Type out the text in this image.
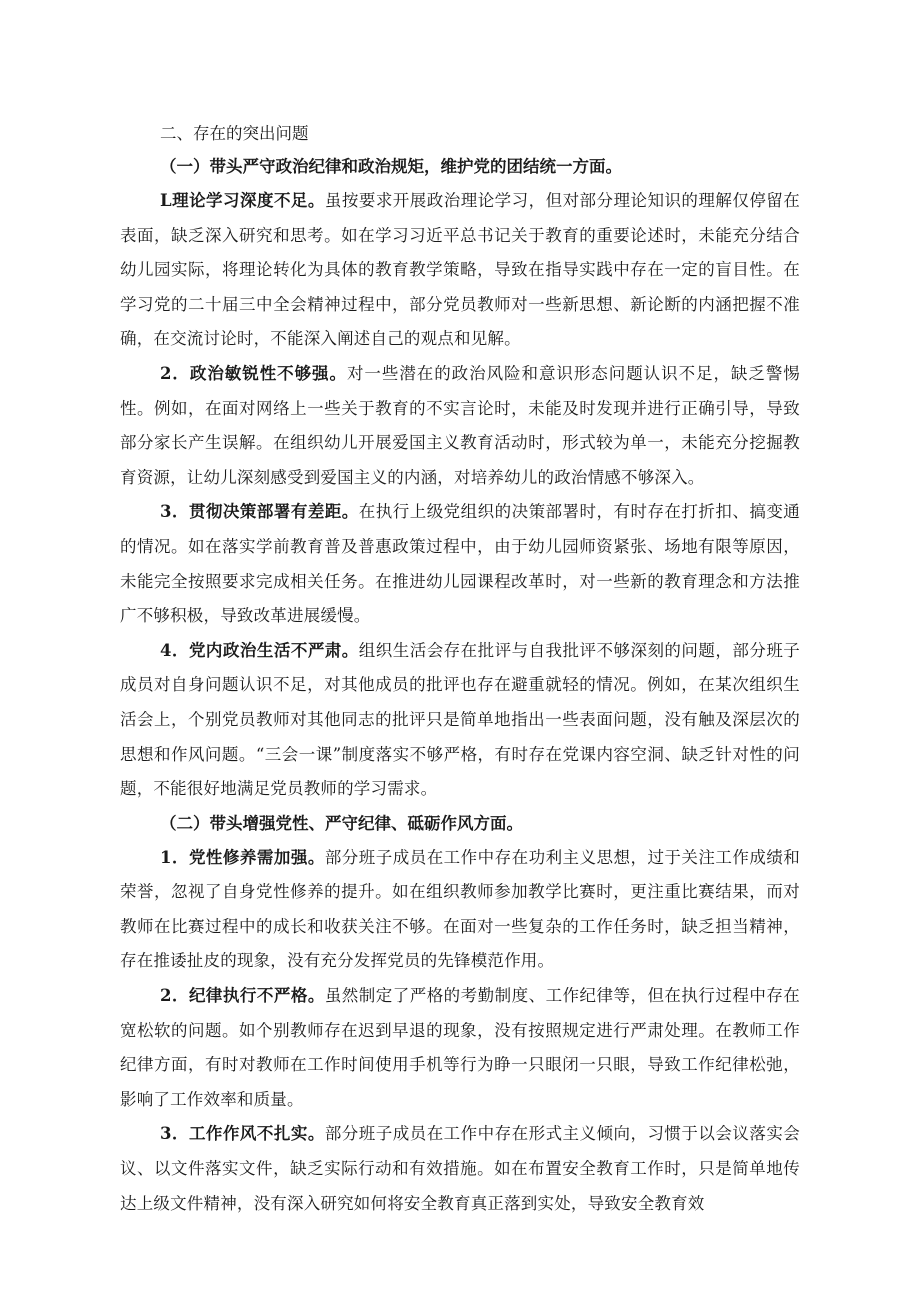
二、存在的突出问题

（一）带头严守政治纪律和政治规矩，维护党的团结统一方面。

L理论学习深度不足。虽按要求开展政治理论学习，但对部分理论知识的理解仅停留在表面，缺乏深入研究和思考。如在学习习近平总书记关于教育的重要论述时，未能充分结合幼儿园实际，将理论转化为具体的教育教学策略，导致在指导实践中存在一定的盲目性。在学习党的二十届三中全会精神过程中，部分党员教师对一些新思想、新论断的内涵把握不准确，在交流讨论时，不能深入阐述自己的观点和见解。

2．政治敏锐性不够强。对一些潜在的政治风险和意识形态问题认识不足，缺乏警惕性。例如，在面对网络上一些关于教育的不实言论时，未能及时发现并进行正确引导，导致部分家长产生误解。在组织幼儿开展爱国主义教育活动时，形式较为单一，未能充分挖掘教育资源，让幼儿深刻感受到爱国主义的内涵，对培养幼儿的政治情感不够深入。

3．贯彻决策部署有差距。在执行上级党组织的决策部署时，有时存在打折扣、搞变通的情况。如在落实学前教育普及普惠政策过程中，由于幼儿园师资紧张、场地有限等原因，未能完全按照要求完成相关任务。在推进幼儿园课程改革时，对一些新的教育理念和方法推广不够积极，导致改革进展缓慢。

4．党内政治生活不严肃。组织生活会存在批评与自我批评不够深刻的问题，部分班子成员对自身问题认识不足，对其他成员的批评也存在避重就轻的情况。例如，在某次组织生活会上，个别党员教师对其他同志的批评只是简单地指出一些表面问题，没有触及深层次的思想和作风问题。“三会一课”制度落实不够严格，有时存在党课内容空洞、缺乏针对性的问题，不能很好地满足党员教师的学习需求。

（二）带头增强党性、严守纪律、砥砺作风方面。

1．党性修养需加强。部分班子成员在工作中存在功利主义思想，过于关注工作成绩和荣誉，忽视了自身党性修养的提升。如在组织教师参加教学比赛时，更注重比赛结果，而对教师在比赛过程中的成长和收获关注不够。在面对一些复杂的工作任务时，缺乏担当精神，存在推诿扯皮的现象，没有充分发挥党员的先锋模范作用。

2．纪律执行不严格。虽然制定了严格的考勤制度、工作纪律等，但在执行过程中存在宽松软的问题。如个别教师存在迟到早退的现象，没有按照规定进行严肃处理。在教师工作纪律方面，有时对教师在工作时间使用手机等行为睁一只眼闭一只眼，导致工作纪律松弛，影响了工作效率和质量。

3．工作作风不扎实。部分班子成员在工作中存在形式主义倾向，习惯于以会议落实会议、以文件落实文件，缺乏实际行动和有效措施。如在布置安全教育工作时，只是简单地传达上级文件精神，没有深入研究如何将安全教育真正落到实处，导致安全教育效
